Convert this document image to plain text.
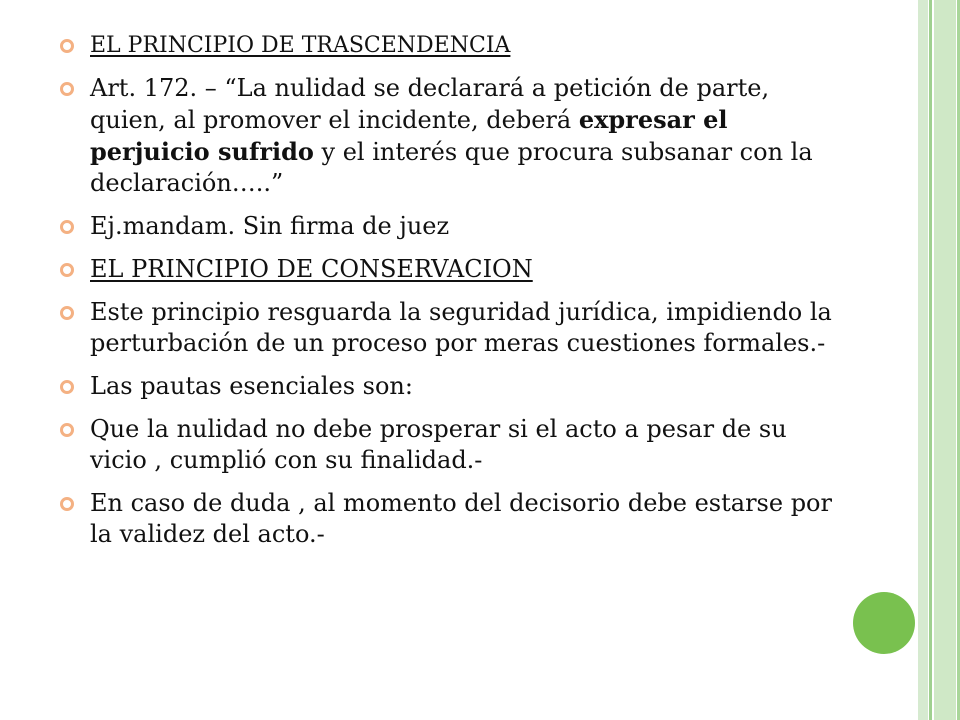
EL PRINCIPIO DE TRASCENDENCIA
Art. 172. – “La nulidad se declarará a petición de parte, quien, al promover el incidente, deberá expresar el perjuicio sufrido y el interés que procura subsanar con la declaración…..”
Ej.mandam. Sin firma de juez
EL PRINCIPIO DE CONSERVACION
Este principio resguarda la seguridad jurídica, impidiendo la perturbación de un proceso por meras cuestiones formales.-
Las pautas esenciales son:
Que la nulidad no debe prosperar si el acto a pesar de su vicio , cumplió con su finalidad.-
En caso de duda , al momento del decisorio debe estarse por la validez del acto.-
